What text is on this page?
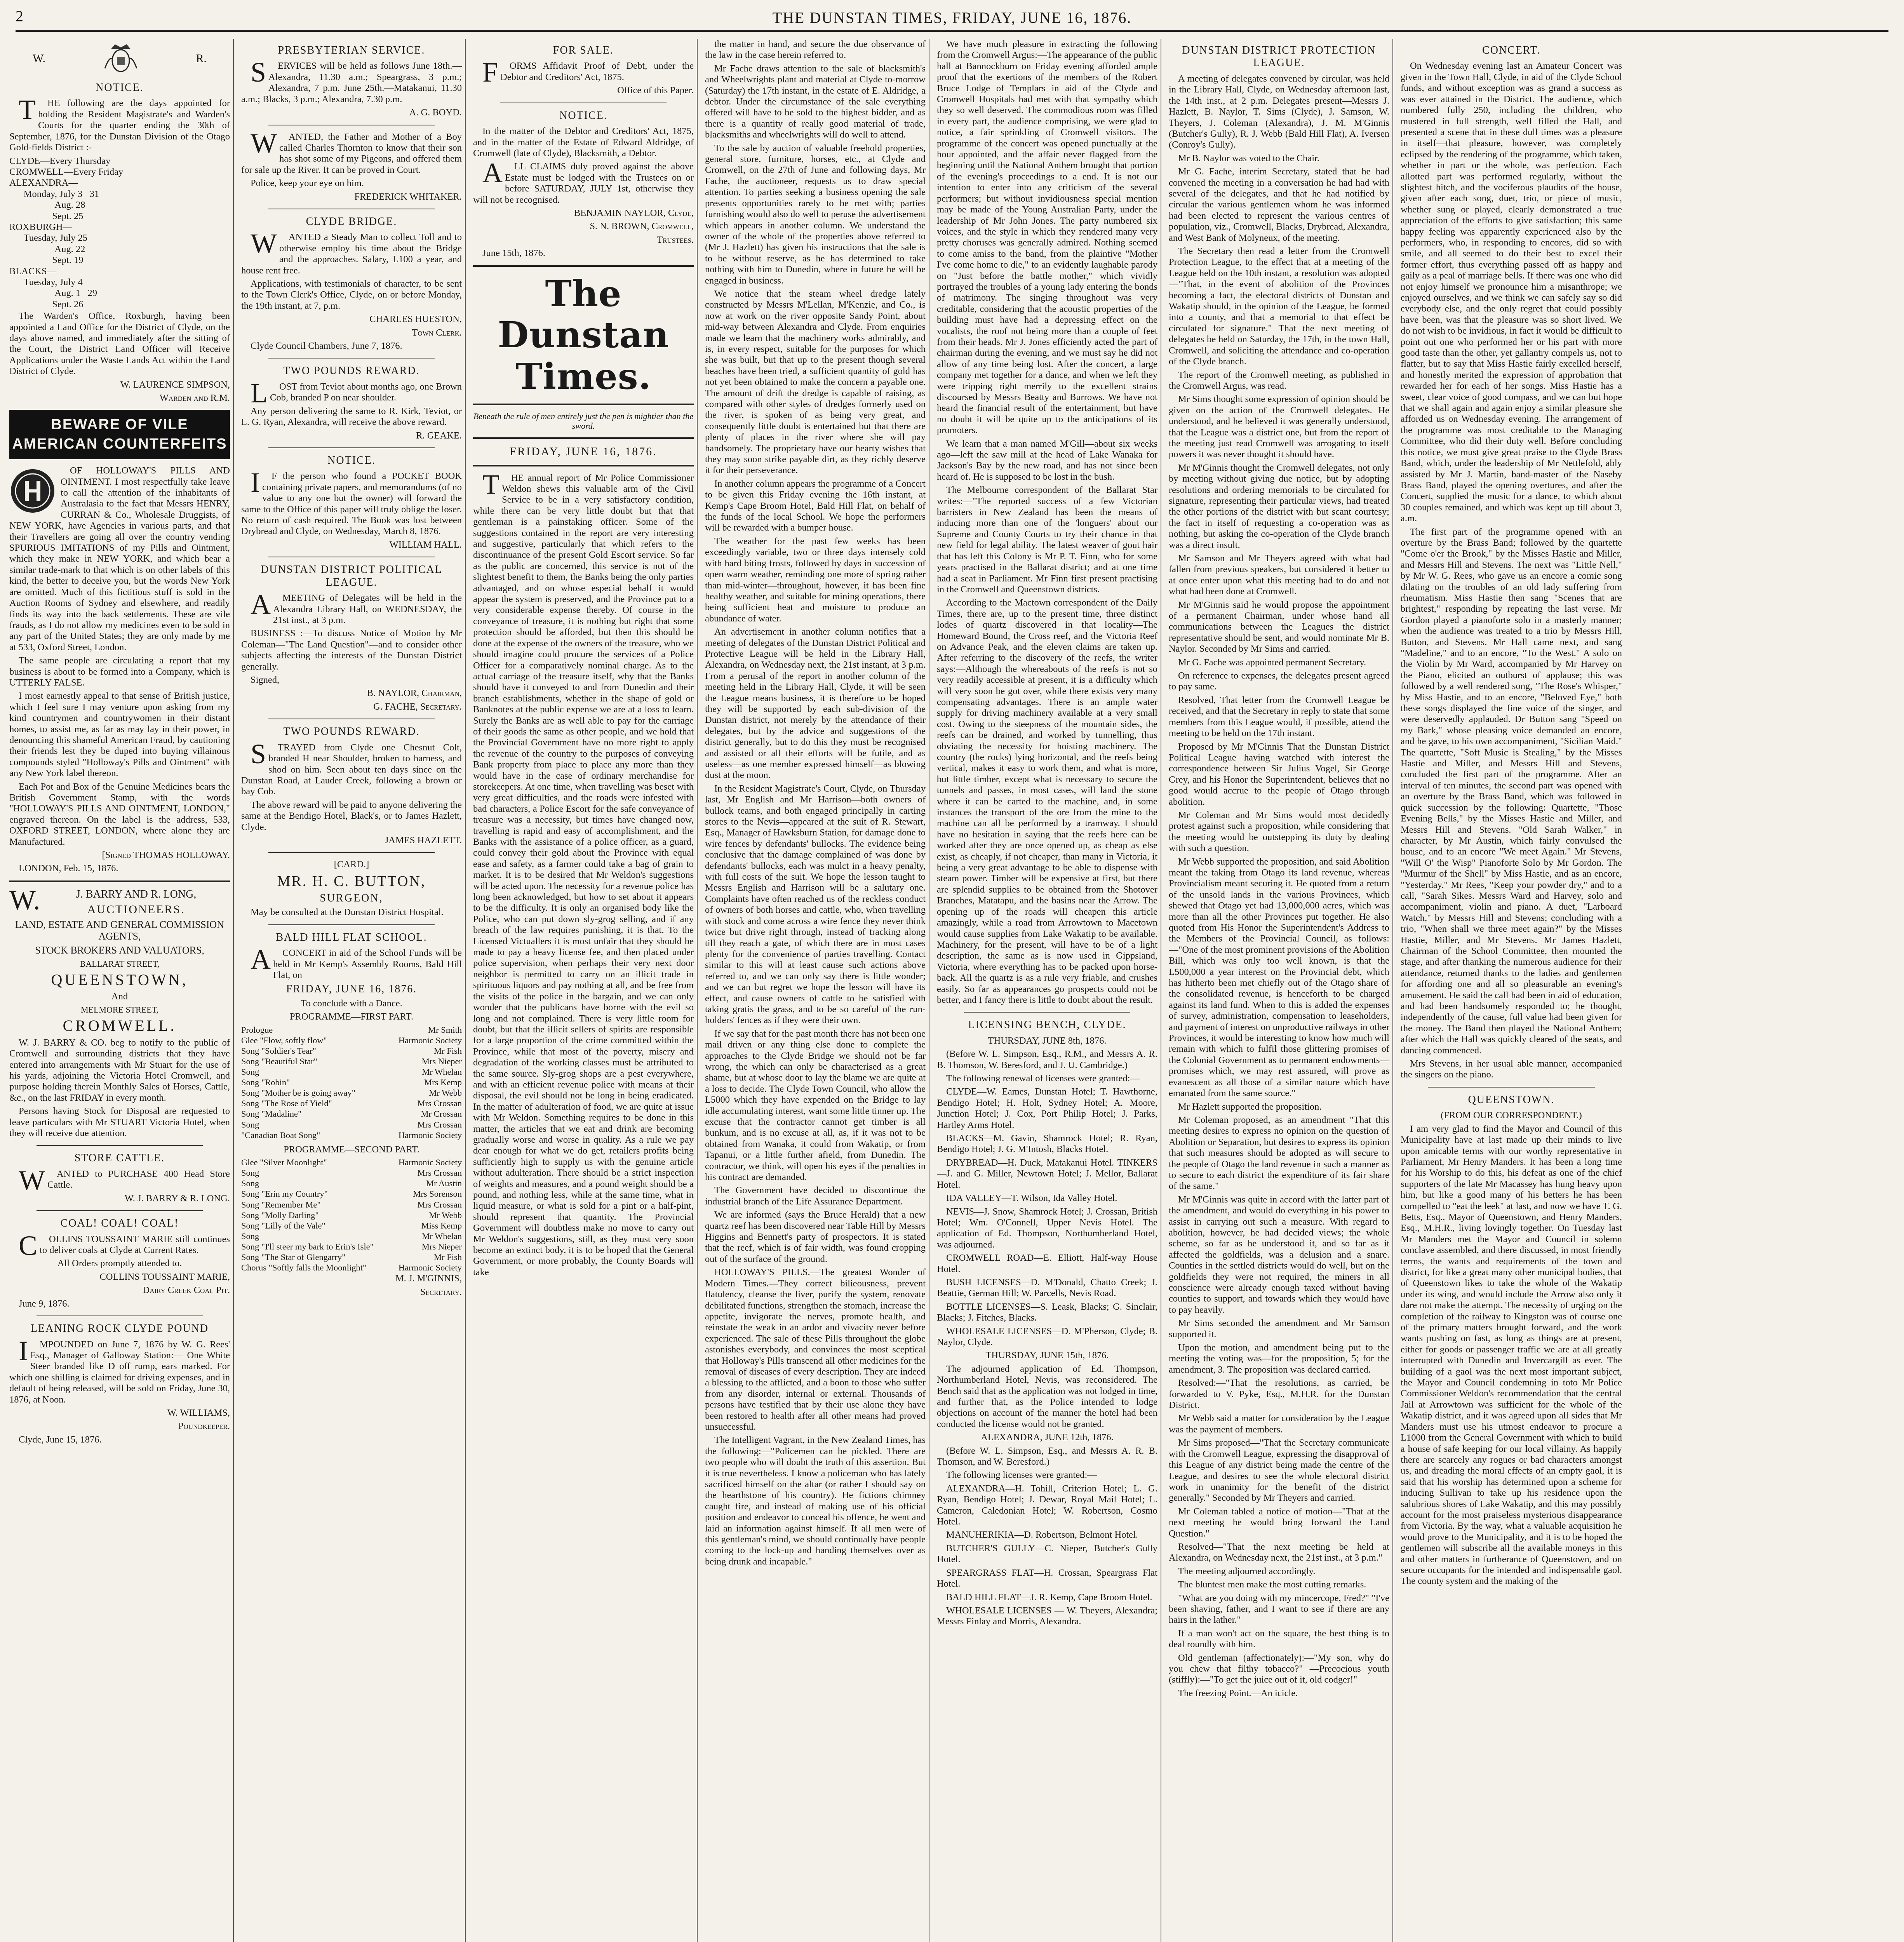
2	THE DUNSTAN TIMES, FRIDAY, JUNE 16, 1876.
W.	R.
NOTICE.

THE following are the days appointed for holding the Resident Magistrate's and Warden's Courts for the quarter ending the 30th of September, 1876, for the Dunstan Division of the Otago Gold-fields District :-

CLYDE—Every Thursday
CROMWELL—Every Friday
ALEXANDRA—
Monday, July 3   31
Aug. 28
Sept. 25
ROXBURGH—
Tuesday, July 25
Aug. 22
Sept. 19
BLACKS—
Tuesday, July 4
Aug. 1   29
Sept. 26

The Warden's Office, Roxburgh, having been appointed a Land Office for the District of Clyde, on the days above named, and immediately after the sitting of the Court, the District Land Officer will Receive Applications under the Waste Lands Act within the Land District of Clyde.

W. LAURENCE SIMPSON,

Warden and R.M.

BEWARE OF VILE
AMERICAN COUNTERFEITS

OF HOLLOWAY'S PILLS AND OINTMENT. I most respectfully take leave to call the attention of the inhabitants of Australasia to the fact that Messrs HENRY, CURRAN & Co., Wholesale Druggists, of NEW YORK, have Agencies in various parts, and that their Travellers are going all over the country vending SPURIOUS IMITATIONS of my Pills and Ointment, which they make in NEW YORK, and which bear a similar trade-mark to that which is on other labels of this kind, the better to deceive you, but the words New York are omitted. Much of this fictitious stuff is sold in the Auction Rooms of Sydney and elsewhere, and readily finds its way into the back settlements. These are vile frauds, as I do not allow my medicines even to be sold in any part of the United States; they are only made by me at 533, Oxford Street, London.

The same people are circulating a report that my business is about to be formed into a Company, which is UTTERLY FALSE.

I most earnestly appeal to that sense of British justice, which I feel sure I may venture upon asking from my kind countrymen and countrywomen in their distant homes, to assist me, as far as may lay in their power, in denouncing this shameful American Fraud, by cautioning their friends lest they be duped into buying villainous compounds styled "Holloway's Pills and Ointment" with any New York label thereon.

Each Pot and Box of the Genuine Medicines bears the British Government Stamp, with the words "HOLLOWAY'S PILLS AND OINTMENT, LONDON," engraved thereon. On the label is the address, 533, OXFORD STREET, LONDON, where alone they are Manufactured.

[Signed THOMAS HOLLOWAY.

LONDON, Feb. 15, 1876.

W.J. BARRY AND R. LONG,

AUCTIONEERS.

LAND, ESTATE AND GENERAL COMMISSION AGENTS,

STOCK BROKERS AND VALUATORS,

BALLARAT STREET,

QUEENSTOWN,

And

MELMORE STREET,

CROMWELL.

W. J. BARRY & CO. beg to notify to the public of Cromwell and surrounding districts that they have entered into arrangements with Mr Stuart for the use of his yards, adjoining the Victoria Hotel Cromwell, and purpose holding therein Monthly Sales of Horses, Cattle, &c., on the last FRIDAY in every month.

Persons having Stock for Disposal are requested to leave particulars with Mr STUART Victoria Hotel, when they will receive due attention.

STORE CATTLE.

WANTED to PURCHASE 400 Head Store Cattle.

W. J. BARRY & R. LONG.

COAL! COAL! COAL!

COLLINS TOUSSAINT MARIE still continues to deliver coals at Clyde at Current Rates.

All Orders promptly attended to.

COLLINS TOUSSAINT MARIE,

Dairy Creek Coal Pit.

June 9, 1876.

LEANING ROCK CLYDE POUND

IMPOUNDED on June 7, 1876 by W. G. Rees' Esq., Manager of Galloway Station:— One White Steer branded like D off rump, ears marked. For which one shilling is claimed for driving expenses, and in default of being released, will be sold on Friday, June 30, 1876, at Noon.

W. WILLIAMS,

Poundkeeper.

Clyde, June 15, 1876.

PRESBYTERIAN SERVICE.

SERVICES will be held as follows June 18th.—Alexandra, 11.30 a.m.; Speargrass, 3 p.m.; Alexandra, 7 p.m. June 25th.—Matakanui, 11.30 a.m.; Blacks, 3 p.m.; Alexandra, 7.30 p.m.

A. G. BOYD.

WANTED, the Father and Mother of a Boy called Charles Thornton to know that their son has shot some of my Pigeons, and offered them for sale up the River. It can be proved in Court.

Police, keep your eye on him.

FREDERICK WHITAKER.

CLYDE BRIDGE.

WANTED a Steady Man to collect Toll and to otherwise employ his time about the Bridge and the approaches. Salary, L100 a year, and house rent free.

Applications, with testimonials of character, to be sent to the Town Clerk's Office, Clyde, on or before Monday, the 19th instant, at 7, p.m.

CHARLES HUESTON,

Town Clerk.

Clyde Council Chambers, June 7, 1876.

TWO POUNDS REWARD.

LOST from Teviot about months ago, one Brown Cob, branded P on near shoulder.

Any person delivering the same to R. Kirk, Teviot, or L. G. Ryan, Alexandra, will receive the above reward.

R. GEAKE.

NOTICE.

IF the person who found a POCKET BOOK containing private papers, and memorandums (of no value to any one but the owner) will forward the same to the Office of this paper will truly oblige the loser. No return of cash required. The Book was lost between Drybread and Clyde, on Wednesday, March 8, 1876.

WILLIAM HALL.

DUNSTAN DISTRICT POLITICAL LEAGUE.

AMEETING of Delegates will be held in the Alexandra Library Hall, on WEDNESDAY, the 21st inst., at 3 p.m.

BUSINESS :—To discuss Notice of Motion by Mr Coleman—"The Land Question"—and to consider other subjects affecting the interests of the Dunstan District generally.

Signed,

B. NAYLOR, Chairman,

G. FACHE, Secretary.

TWO POUNDS REWARD.

STRAYED from Clyde one Chesnut Colt, branded H near Shoulder, broken to harness, and shod on him. Seen about ten days since on the Dunstan Road, at Lauder Creek, following a brown or bay Cob.

The above reward will be paid to anyone delivering the same at the Bendigo Hotel, Black's, or to James Hazlett, Clyde.

JAMES HAZLETT.

[CARD.]

MR. H. C. BUTTON,

SURGEON,

May be consulted at the Dunstan District Hospital.

BALD HILL FLAT SCHOOL.

ACONCERT in aid of the School Funds will be held in Mr Kemp's Assembly Rooms, Bald Hill Flat, on

FRIDAY, JUNE 16, 1876.

To conclude with a Dance.

PROGRAMME—FIRST PART.

Prologue	Mr Smith

Glee "Flow, softly flow"	Harmonic Society

Song "Soldier's Tear"	Mr Fish

Song "Beautiful Star"	Mrs Nieper

Song	Mr Whelan

Song "Robin"	Mrs Kemp

Song "Mother be is going away"	Mr Webb

Song "The Rose of Yield"	Mrs Crossan

Song "Madaline"	Mr Crossan

Song	Mrs Crossan

"Canadian Boat Song"	Harmonic Society

PROGRAMME—SECOND PART.

Glee "Silver Moonlight"	Harmonic Society

Song	Mrs Crossan

Song	Mr Austin

Song "Erin my Country"	Mrs Sorenson

Song "Remember Me"	Mrs Crossan

Song "Molly Darling"	Mr Webb

Song "Lilly of the Vale"	Miss Kemp

Song	Mr Whelan

Song "I'll steer my bark to Erin's Isle"	Mrs Nieper

Song "The Star of Glengarry"	Mr Fish

Chorus "Softly falls the Moonlight"	Harmonic Society

M. J. M'GINNIS,

Secretary.

FOR SALE.

FORMS Affidavit Proof of Debt, under the Debtor and Creditors' Act, 1875.

Office of this Paper.

NOTICE.

In the matter of the Debtor and Creditors' Act, 1875, and in the matter of the Estate of Edward Aldridge, of Cromwell (late of Clyde), Blacksmith, a Debtor.

ALL CLAIMS duly proved against the above Estate must be lodged with the Trustees on or before SATURDAY, JULY 1st, otherwise they will not be recognised.

BENJAMIN NAYLOR, Clyde,

S. N. BROWN, Cromwell,

Trustees.

June 15th, 1876.

The Dunstan Times.

Beneath the rule of men entirely just the pen is mightier than the sword.

FRIDAY, JUNE 16, 1876.

THE annual report of Mr Police Commissioner Weldon shews this valuable arm of the Civil Service to be in a very satisfactory condition, while there can be very little doubt but that that gentleman is a painstaking officer. Some of the suggestions contained in the report are very interesting and suggestive, particularly that which refers to the discontinuance of the present Gold Escort service. So far as the public are concerned, this service is not of the slightest benefit to them, the Banks being the only parties advantaged, and on whose especial behalf it would appear the system is preserved, and the Province put to a very considerable expense thereby. Of course in the conveyance of treasure, it is nothing but right that some protection should be afforded, but then this should be done at the expense of the owners of the treasure, who we should imagine could procure the services of a Police Officer for a comparatively nominal charge. As to the actual carriage of the treasure itself, why that the Banks should have it conveyed to and from Dunedin and their branch establishments, whether in the shape of gold or Banknotes at the public expense we are at a loss to learn. Surely the Banks are as well able to pay for the carriage of their goods the same as other people, and we hold that the Provincial Government have no more right to apply the revenue of the country to the purposes of conveying Bank property from place to place any more than they would have in the case of ordinary merchandise for storekeepers. At one time, when travelling was beset with very great difficulties, and the roads were infested with bad characters, a Police Escort for the safe conveyance of treasure was a necessity, but times have changed now, travelling is rapid and easy of accomplishment, and the Banks with the assistance of a police officer, as a guard, could convey their gold about the Province with equal ease and safety, as a farmer could take a bag of grain to market. It is to be desired that Mr Weldon's suggestions will be acted upon. The necessity for a revenue police has long been acknowledged, but how to set about it appears to be the difficulty. It is only an organised body like the Police, who can put down sly-grog selling, and if any breach of the law requires punishing, it is that. To the Licensed Victuallers it is most unfair that they should be made to pay a heavy license fee, and then placed under police supervision, when perhaps their very next door neighbor is permitted to carry on an illicit trade in spirituous liquors and pay nothing at all, and be free from the visits of the police in the bargain, and we can only wonder that the publicans have borne with the evil so long and not complained. There is very little room for doubt, but that the illicit sellers of spirits are responsible for a large proportion of the crime committed within the Province, while that most of the poverty, misery and degradation of the working classes must be attributed to the same source. Sly-grog shops are a pest everywhere, and with an efficient revenue police with means at their disposal, the evil should not be long in being eradicated. In the matter of adulteration of food, we are quite at issue with Mr Weldon. Something requires to be done in this matter, the articles that we eat and drink are becoming gradually worse and worse in quality. As a rule we pay dear enough for what we do get, retailers profits being sufficiently high to supply us with the genuine article without adulteration. There should be a strict inspection of weights and measures, and a pound weight should be a pound, and nothing less, while at the same time, what in liquid measure, or what is sold for a pint or a half-pint, should represent that quantity. The Provincial Government will doubtless make no move to carry out Mr Weldon's suggestions, still, as they must very soon become an extinct body, it is to be hoped that the General Government, or more probably, the County Boards will take

the matter in hand, and secure the due observance of the law in the case herein referred to.

Mr Fache draws attention to the sale of blacksmith's and Wheelwrights plant and material at Clyde to-morrow (Saturday) the 17th instant, in the estate of E. Aldridge, a debtor. Under the circumstance of the sale everything offered will have to be sold to the highest bidder, and as there is a quantity of really good material of trade, blacksmiths and wheelwrights will do well to attend.

To the sale by auction of valuable freehold properties, general store, furniture, horses, etc., at Clyde and Cromwell, on the 27th of June and following days, Mr Fache, the auctioneer, requests us to draw special attention. To parties seeking a business opening the sale presents opportunities rarely to be met with; parties furnishing would also do well to peruse the advertisement which appears in another column. We understand the owner of the whole of the properties above referred to (Mr J. Hazlett) has given his instructions that the sale is to be without reserve, as he has determined to take nothing with him to Dunedin, where in future he will be engaged in business.

We notice that the steam wheel dredge lately constructed by Messrs M'Lellan, M'Kenzie, and Co., is now at work on the river opposite Sandy Point, about mid-way between Alexandra and Clyde. From enquiries made we learn that the machinery works admirably, and is, in every respect, suitable for the purposes for which she was built, but that up to the present though several beaches have been tried, a sufficient quantity of gold has not yet been obtained to make the concern a payable one. The amount of drift the dredge is capable of raising, as compared with other styles of dredges formerly used on the river, is spoken of as being very great, and consequently little doubt is entertained but that there are plenty of places in the river where she will pay handsomely. The proprietary have our hearty wishes that they may soon strike payable dirt, as they richly deserve it for their perseverance.

In another column appears the programme of a Concert to be given this Friday evening the 16th instant, at Kemp's Cape Broom Hotel, Bald Hill Flat, on behalf of the funds of the local School. We hope the performers will be rewarded with a bumper house.

The weather for the past few weeks has been exceedingly variable, two or three days intensely cold with hard biting frosts, followed by days in succession of open warm weather, reminding one more of spring rather than mid-winter—throughout, however, it has been fine healthy weather, and suitable for mining operations, there being sufficient heat and moisture to produce an abundance of water.

An advertisement in another column notifies that a meeting of delegates of the Dunstan District Political and Protective League will be held in the Library Hall, Alexandra, on Wednesday next, the 21st instant, at 3 p.m. From a perusal of the report in another column of the meeting held in the Library Hall, Clyde, it will be seen the League means business, it is therefore to be hoped they will be supported by each sub-division of the Dunstan district, not merely by the attendance of their delegates, but by the advice and suggestions of the district generally, but to do this they must be recognised and assisted or all their efforts will be futile, and as useless—as one member expressed himself—as blowing dust at the moon.

In the Resident Magistrate's Court, Clyde, on Thursday last, Mr English and Mr Harrison—both owners of bullock teams, and both engaged principally in carting stores to the Nevis—appeared at the suit of R. Stewart, Esq., Manager of Hawksburn Station, for damage done to wire fences by defendants' bullocks. The evidence being conclusive that the damage complained of was done by defendants' bullocks, each was mulct in a heavy penalty, with full costs of the suit. We hope the lesson taught to Messrs English and Harrison will be a salutary one. Complaints have often reached us of the reckless conduct of owners of both horses and cattle, who, when travelling with stock and come across a wire fence they never think twice but drive right through, instead of tracking along till they reach a gate, of which there are in most cases plenty for the convenience of parties travelling. Contact similar to this will at least cause such actions above referred to, and we can only say there is little wonder; and we can but regret we hope the lesson will have its effect, and cause owners of cattle to be satisfied with taking gratis the grass, and to be so careful of the run-holders' fences as if they were their own.

If we say that for the past month there has not been one mail driven or any thing else done to complete the approaches to the Clyde Bridge we should not be far wrong, the which can only be characterised as a great shame, but at whose door to lay the blame we are quite at a loss to decide. The Clyde Town Council, who allow the L5000 which they have expended on the Bridge to lay idle accumulating interest, want some little tinner up. The excuse that the contractor cannot get timber is all bunkum, and is no excuse at all, as, if it was not to be obtained from Wanaka, it could from Wakatip, or from Tapanui, or a little further afield, from Dunedin. The contractor, we think, will open his eyes if the penalties in his contract are demanded.

The Government have decided to discontinue the industrial branch of the Life Assurance Department.

We are informed (says the Bruce Herald) that a new quartz reef has been discovered near Table Hill by Messrs Higgins and Bennett's party of prospectors. It is stated that the reef, which is of fair width, was found cropping out of the surface of the ground.

HOLLOWAY'S PILLS.—The greatest Wonder of Modern Times.—They correct bilieousness, prevent flatulency, cleanse the liver, purify the system, renovate debilitated functions, strengthen the stomach, increase the appetite, invigorate the nerves, promote health, and reinstate the weak in an ardor and vivacity never before experienced. The sale of these Pills throughout the globe astonishes everybody, and convinces the most sceptical that Holloway's Pills transcend all other medicines for the removal of diseases of every description. They are indeed a blessing to the afflicted, and a boon to those who suffer from any disorder, internal or external. Thousands of persons have testified that by their use alone they have been restored to health after all other means had proved unsuccessful.

The Intelligent Vagrant, in the New Zealand Times, has the following:—"Policemen can be pickled. There are two people who will doubt the truth of this assertion. But it is true nevertheless. I know a policeman who has lately sacrificed himself on the altar (or rather I should say on the hearthstone of his country). He fictions chimney caught fire, and instead of making use of his official position and endeavor to conceal his offence, he went and laid an information against himself. If all men were of this gentleman's mind, we should continually have people coming to the lock-up and handing themselves over as being drunk and incapable."

We have much pleasure in extracting the following from the Cromwell Argus:—The appearance of the public hall at Bannockburn on Friday evening afforded ample proof that the exertions of the members of the Robert Bruce Lodge of Templars in aid of the Clyde and Cromwell Hospitals had met with that sympathy which they so well deserved. The commodious room was filled in every part, the audience comprising, we were glad to notice, a fair sprinkling of Cromwell visitors. The programme of the concert was opened punctually at the hour appointed, and the affair never flagged from the beginning until the National Anthem brought that portion of the evening's proceedings to a end. It is not our intention to enter into any criticism of the several performers; but without invidiousness special mention may be made of the Young Australian Party, under the leadership of Mr John Jones. The party numbered six voices, and the style in which they rendered many very pretty choruses was generally admired. Nothing seemed to come amiss to the band, from the plaintive "Mother I've come home to die," to an evidently laughable parody on "Just before the battle mother," which vividly portrayed the troubles of a young lady entering the bonds of matrimony. The singing throughout was very creditable, considering that the acoustic properties of the building must have had a depressing effect on the vocalists, the roof not being more than a couple of feet from their heads. Mr J. Jones efficiently acted the part of chairman during the evening, and we must say he did not allow of any time being lost. After the concert, a large company met together for a dance, and when we left they were tripping right merrily to the excellent strains discoursed by Messrs Beatty and Burrows. We have not heard the financial result of the entertainment, but have no doubt it will be quite up to the anticipations of its promoters.

We learn that a man named M'Gill—about six weeks ago—left the saw mill at the head of Lake Wanaka for Jackson's Bay by the new road, and has not since been heard of. He is supposed to be lost in the bush.

The Melbourne correspondent of the Ballarat Star writes:—"The reported success of a few Victorian barristers in New Zealand has been the means of inducing more than one of the 'longuers' about our Supreme and County Courts to try their chance in that new field for legal ability. The latest weaver of gout hair that has left this Colony is Mr P. T. Finn, who for some years practised in the Ballarat district; and at one time had a seat in Parliament. Mr Finn first present practising in the Cromwell and Queenstown districts.

According to the Mactown correspondent of the Daily Times, there are, up to the present time, three distinct lodes of quartz discovered in that locality—The Homeward Bound, the Cross reef, and the Victoria Reef on Advance Peak, and the eleven claims are taken up. After referring to the discovery of the reefs, the writer says:—Although the whereabouts of the reefs is not so very readily accessible at present, it is a difficulty which will very soon be got over, while there exists very many compensating advantages. There is an ample water supply for driving machinery available at a very small cost. Owing to the steepness of the mountain sides, the reefs can be drained, and worked by tunnelling, thus obviating the necessity for hoisting machinery. The country (the rocks) lying horizontal, and the reefs being vertical, makes it easy to work them, and what is more, but little timber, except what is necessary to secure the tunnels and passes, in most cases, will land the stone where it can be carted to the machine, and, in some instances the transport of the ore from the mine to the machine can all be performed by a tramway. I should have no hesitation in saying that the reefs here can be worked after they are once opened up, as cheap as else exist, as cheaply, if not cheaper, than many in Victoria, it being a very great advantage to be able to dispense with steam power. Timber will be expensive at first, but there are splendid supplies to be obtained from the Shotover Branches, Matatapu, and the basins near the Arrow. The opening up of the roads will cheapen this article amazingly, while a road from Arrowtown to Macetown would cause supplies from Lake Wakatip to be available. Machinery, for the present, will have to be of a light description, the same as is now used in Gippsland, Victoria, where everything has to be packed upon horse-back. All the quartz is as a rule very friable, and crushes easily. So far as appearances go prospects could not be better, and I fancy there is little to doubt about the result.

LICENSING BENCH, CLYDE.

THURSDAY, JUNE 8th, 1876.

(Before W. L. Simpson, Esq., R.M., and Messrs A. R. B. Thomson, W. Beresford, and J. U. Cambridge.)

The following renewal of licenses were granted:—

CLYDE—W. Eames, Dunstan Hotel; T. Hawthorne, Bendigo Hotel; H. Holt, Sydney Hotel; A. Moore, Junction Hotel; J. Cox, Port Philip Hotel; J. Parks, Hartley Arms Hotel.

BLACKS—M. Gavin, Shamrock Hotel; R. Ryan, Bendigo Hotel; J. G. M'Intosh, Blacks Hotel.

DRYBREAD—H. Duck, Matakanui Hotel. TINKERS—J. and G. Miller, Newtown Hotel; J. Mellor, Ballarat Hotel.

IDA VALLEY—T. Wilson, Ida Valley Hotel.

NEVIS—J. Snow, Shamrock Hotel; J. Crossan, British Hotel; Wm. O'Connell, Upper Nevis Hotel. The application of Ed. Thompson, Northumberland Hotel, was adjourned.

CROMWELL ROAD—E. Elliott, Half-way House Hotel.

BUSH LICENSES—D. M'Donald, Chatto Creek; J. Beattie, German Hill; W. Parcells, Nevis Road.

BOTTLE LICENSES—S. Leask, Blacks; G. Sinclair, Blacks; J. Fitches, Blacks.

WHOLESALE LICENSES—D. M'Pherson, Clyde; B. Naylor, Clyde.

THURSDAY, JUNE 15th, 1876.

The adjourned application of Ed. Thompson, Northumberland Hotel, Nevis, was reconsidered. The Bench said that as the application was not lodged in time, and further that, as the Police intended to lodge objections on account of the manner the hotel had been conducted the license would not be granted.

ALEXANDRA, JUNE 12th, 1876.

(Before W. L. Simpson, Esq., and Messrs A. R. B. Thomson, and W. Beresford.)

The following licenses were granted:—

ALEXANDRA—H. Tohill, Criterion Hotel; L. G. Ryan, Bendigo Hotel; J. Dewar, Royal Mail Hotel; L. Cameron, Caledonian Hotel; W. Robertson, Cosmo Hotel.

MANUHERIKIA—D. Robertson, Belmont Hotel.

BUTCHER'S GULLY—C. Nieper, Butcher's Gully Hotel.

SPEARGRASS FLAT—H. Crossan, Speargrass Flat Hotel.

BALD HILL FLAT—J. R. Kemp, Cape Broom Hotel.

WHOLESALE LICENSES — W. Theyers, Alexandra; Messrs Finlay and Morris, Alexandra.

DUNSTAN DISTRICT PROTECTION LEAGUE.

A meeting of delegates convened by circular, was held in the Library Hall, Clyde, on Wednesday afternoon last, the 14th inst., at 2 p.m. Delegates present—Messrs J. Hazlett, B. Naylor, T. Sims (Clyde), J. Samson, W. Theyers, J. Coleman (Alexandra), J. M. M'Ginnis (Butcher's Gully), R. J. Webb (Bald Hill Flat), A. Iversen (Conroy's Gully).

Mr B. Naylor was voted to the Chair.

Mr G. Fache, interim Secretary, stated that he had convened the meeting in a conversation he had had with several of the delegates, and that he had notified by circular the various gentlemen whom he was informed had been elected to represent the various centres of population, viz., Cromwell, Blacks, Drybread, Alexandra, and West Bank of Molyneux, of the meeting.

The Secretary then read a letter from the Cromwell Protection League, to the effect that at a meeting of the League held on the 10th instant, a resolution was adopted—"That, in the event of abolition of the Provinces becoming a fact, the electoral districts of Dunstan and Wakatip should, in the opinion of the League, be formed into a county, and that a memorial to that effect be circulated for signature." That the next meeting of delegates be held on Saturday, the 17th, in the town Hall, Cromwell, and soliciting the attendance and co-operation of the Clyde branch.

The report of the Cromwell meeting, as published in the Cromwell Argus, was read.

Mr Sims thought some expression of opinion should be given on the action of the Cromwell delegates. He understood, and he believed it was generally understood, that the League was a district one, but from the report of the meeting just read Cromwell was arrogating to itself powers it was never thought it should have.

Mr M'Ginnis thought the Cromwell delegates, not only by meeting without giving due notice, but by adopting resolutions and ordering memorials to be circulated for signature, representing their particular views, had treated the other portions of the district with but scant courtesy; the fact in itself of requesting a co-operation was as nothing, but asking the co-operation of the Clyde branch was a direct insult.

Mr Samson and Mr Theyers agreed with what had fallen from previous speakers, but considered it better to at once enter upon what this meeting had to do and not what had been done at Cromwell.

Mr M'Ginnis said he would propose the appointment of a permanent Chairman, under whose hand all communications between the Leagues the district representative should be sent, and would nominate Mr B. Naylor. Seconded by Mr Sims and carried.

Mr G. Fache was appointed permanent Secretary.

On reference to expenses, the delegates present agreed to pay same.

Resolved, That letter from the Cromwell League be received, and that the Secretary in reply to state that some members from this League would, if possible, attend the meeting to be held on the 17th instant.

Proposed by Mr M'Ginnis That the Dunstan District Political League having watched with interest the correspondence between Sir Julius Vogel, Sir George Grey, and his Honor the Superintendent, believes that no good would accrue to the people of Otago through abolition.

Mr Coleman and Mr Sims would most decidedly protest against such a proposition, while considering that the meeting would be outstepping its duty by dealing with such a question.

Mr Webb supported the proposition, and said Abolition meant the taking from Otago its land revenue, whereas Provincialism meant securing it. He quoted from a return of the unsold lands in the various Provinces, which shewed that Otago yet had 13,000,000 acres, which was more than all the other Provinces put together. He also quoted from His Honor the Superintendent's Address to the Members of the Provincial Council, as follows:—"One of the most prominent provisions of the Abolition Bill, which was only too well known, is that the L500,000 a year interest on the Provincial debt, which has hitherto been met chiefly out of the Otago share of the consolidated revenue, is henceforth to be charged against its land fund. When to this is added the expenses of survey, administration, compensation to leaseholders, and payment of interest on unproductive railways in other Provinces, it would be interesting to know how much will remain with which to fulfil those glittering promises of the Colonial Government as to permanent endowments—promises which, we may rest assured, will prove as evanescent as all those of a similar nature which have emanated from the same source."

Mr Hazlett supported the proposition.

Mr Coleman proposed, as an amendment "That this meeting desires to express no opinion on the question of Abolition or Separation, but desires to express its opinion that such measures should be adopted as will secure to the people of Otago the land revenue in such a manner as to secure to each district the expenditure of its fair share of the same."

Mr M'Ginnis was quite in accord with the latter part of the amendment, and would do everything in his power to assist in carrying out such a measure. With regard to abolition, however, he had decided views; the whole scheme, so far as he understood it, and so far as it affected the goldfields, was a delusion and a snare. Counties in the settled districts would do well, but on the goldfields they were not required, the miners in all conscience were already enough taxed without having counties to support, and towards which they would have to pay heavily.

Mr Sims seconded the amendment and Mr Samson supported it.

Upon the motion, and amendment being put to the meeting the voting was—for the proposition, 5; for the amendment, 3. The proposition was declared carried.

Resolved:—"That the resolutions, as carried, be forwarded to V. Pyke, Esq., M.H.R. for the Dunstan District.

Mr Webb said a matter for consideration by the League was the payment of members.

Mr Sims proposed—"That the Secretary communicate with the Cromwell League, expressing the disapproval of this League of any district being made the centre of the League, and desires to see the whole electoral district work in unanimity for the benefit of the district generally." Seconded by Mr Theyers and carried.

Mr Coleman tabled a notice of motion—"That at the next meeting he would bring forward the Land Question."

Resolved—"That the next meeting be held at Alexandra, on Wednesday next, the 21st inst., at 3 p.m."

The meeting adjourned accordingly.

The bluntest men make the most cutting remarks.

"What are you doing with my mincercope, Fred?" "I've been shaving, father, and I want to see if there are any hairs in the lather."

If a man won't act on the square, the best thing is to deal roundly with him.

Old gentleman (affectionately):—"My son, why do you chew that filthy tobacco?" —Precocious youth (stiffly):—"To get the juice out of it, old codger!"

The freezing Point.—An icicle.

CONCERT.

On Wednesday evening last an Amateur Concert was given in the Town Hall, Clyde, in aid of the Clyde School funds, and without exception was as grand a success as was ever attained in the District. The audience, which numbered fully 250, including the children, who mustered in full strength, well filled the Hall, and presented a scene that in these dull times was a pleasure in itself—that pleasure, however, was completely eclipsed by the rendering of the programme, which taken, whether in part or the whole, was perfection. Each allotted part was performed regularly, without the slightest hitch, and the vociferous plaudits of the house, given after each song, duet, trio, or piece of music, whether sung or played, clearly demonstrated a true appreciation of the efforts to give satisfaction; this same happy feeling was apparently experienced also by the performers, who, in responding to encores, did so with smile, and all seemed to do their best to excel their former effort, thus everything passed off as happy and gaily as a peal of marriage bells. If there was one who did not enjoy himself we pronounce him a misanthrope; we enjoyed ourselves, and we think we can safely say so did everybody else, and the only regret that could possibly have been, was that the pleasure was so short lived. We do not wish to be invidious, in fact it would be difficult to point out one who performed her or his part with more good taste than the other, yet gallantry compels us, not to flatter, but to say that Miss Hastie fairly excelled herself, and honestly merited the expression of approbation that rewarded her for each of her songs. Miss Hastie has a sweet, clear voice of good compass, and we can but hope that we shall again and again enjoy a similar pleasure she afforded us on Wednesday evening. The arrangement of the programme was most creditable to the Managing Committee, who did their duty well. Before concluding this notice, we must give great praise to the Clyde Brass Band, which, under the leadership of Mr Nettlefold, ably assisted by Mr J. Martin, band-master of the Naseby Brass Band, played the opening overtures, and after the Concert, supplied the music for a dance, to which about 30 couples remained, and which was kept up till about 3, a.m.

The first part of the programme opened with an overture by the Brass Band; followed by the quartette "Come o'er the Brook," by the Misses Hastie and Miller, and Messrs Hill and Stevens. The next was "Little Nell," by Mr W. G. Rees, who gave us an encore a comic song dilating on the troubles of an old lady suffering from rheumatism. Miss Hastie then sang "Scenes that are brightest," responding by repeating the last verse. Mr Gordon played a pianoforte solo in a masterly manner; when the audience was treated to a trio by Messrs Hill, Button, and Stevens. Mr Hall came next, and sang "Madeline," and to an encore, "To the West." A solo on the Violin by Mr Ward, accompanied by Mr Harvey on the Piano, elicited an outburst of applause; this was followed by a well rendered song, "The Rose's Whisper," by Miss Hastie, and to an encore, "Beloved Eye," both these songs displayed the fine voice of the singer, and were deservedly applauded. Dr Button sang "Speed on my Bark," whose pleasing voice demanded an encore, and he gave, to his own accompaniment, "Sicilian Maid." The quartette, "Soft Music is Stealing," by the Misses Hastie and Miller, and Messrs Hill and Stevens, concluded the first part of the programme. After an interval of ten minutes, the second part was opened with an overture by the Brass Band, which was followed in quick succession by the following: Quartette, "Those Evening Bells," by the Misses Hastie and Miller, and Messrs Hill and Stevens. "Old Sarah Walker," in character, by Mr Austin, which fairly convulsed the house, and to an encore "We meet Again." Mr Stevens, "Will O' the Wisp" Pianoforte Solo by Mr Gordon. The "Murmur of the Shell" by Miss Hastie, and as an encore, "Yesterday." Mr Rees, "Keep your powder dry," and to a call, "Sarah Sikes. Messrs Ward and Harvey, solo and accompaniment, violin and piano. A duet, "Larboard Watch," by Messrs Hill and Stevens; concluding with a trio, "When shall we three meet again?" by the Misses Hastie, Miller, and Mr Stevens. Mr James Hazlett, Chairman of the School Committee, then mounted the stage, and after thanking the numerous audience for their attendance, returned thanks to the ladies and gentlemen for affording one and all so pleasurable an evening's amusement. He said the call had been in aid of education, and had been handsomely responded to; he thought, independently of the cause, full value had been given for the money. The Band then played the National Anthem; after which the Hall was quickly cleared of the seats, and dancing commenced.

Mrs Stevens, in her usual able manner, accompanied the singers on the piano.

QUEENSTOWN.

(FROM OUR CORRESPONDENT.)

I am very glad to find the Mayor and Council of this Municipality have at last made up their minds to live upon amicable terms with our worthy representative in Parliament, Mr Henry Manders. It has been a long time for his Worship to do this, his defeat as one of the chief supporters of the late Mr Macassey has hung heavy upon him, but like a good many of his betters he has been compelled to "eat the leek" at last, and now we have T. G. Betts, Esq., Mayor of Queenstown, and Henry Manders, Esq., M.H.R., living lovingly together. On Tuesday last Mr Manders met the Mayor and Council in solemn conclave assembled, and there discussed, in most friendly terms, the wants and requirements of the town and district, for like a great many other municipal bodies, that of Queenstown likes to take the whole of the Wakatip under its wing, and would include the Arrow also only it dare not make the attempt. The necessity of urging on the completion of the railway to Kingston was of course one of the primary matters brought forward, and the work wants pushing on fast, as long as things are at present, either for goods or passenger traffic we are at all greatly interrupted with Dunedin and Invercargill as ever. The building of a gaol was the next most important subject, the Mayor and Council condemning in toto Mr Police Commissioner Weldon's recommendation that the central Jail at Arrowtown was sufficient for the whole of the Wakatip district, and it was agreed upon all sides that Mr Manders must use his utmost endeavor to procure a L1000 from the General Government with which to build a house of safe keeping for our local villainy. As happily there are scarcely any rogues or bad characters amongst us, and dreading the moral effects of an empty gaol, it is said that his worship has determined upon a scheme for inducing Sullivan to take up his residence upon the salubrious shores of Lake Wakatip, and this may possibly account for the most praiseless mysterious disappearance from Victoria. By the way, what a valuable acquisition he would prove to the Municipality, and it is to be hoped the gentlemen will subscribe all the available moneys in this and other matters in furtherance of Queenstown, and on secure occupants for the intended and indispensable gaol. The county system and the making of the
